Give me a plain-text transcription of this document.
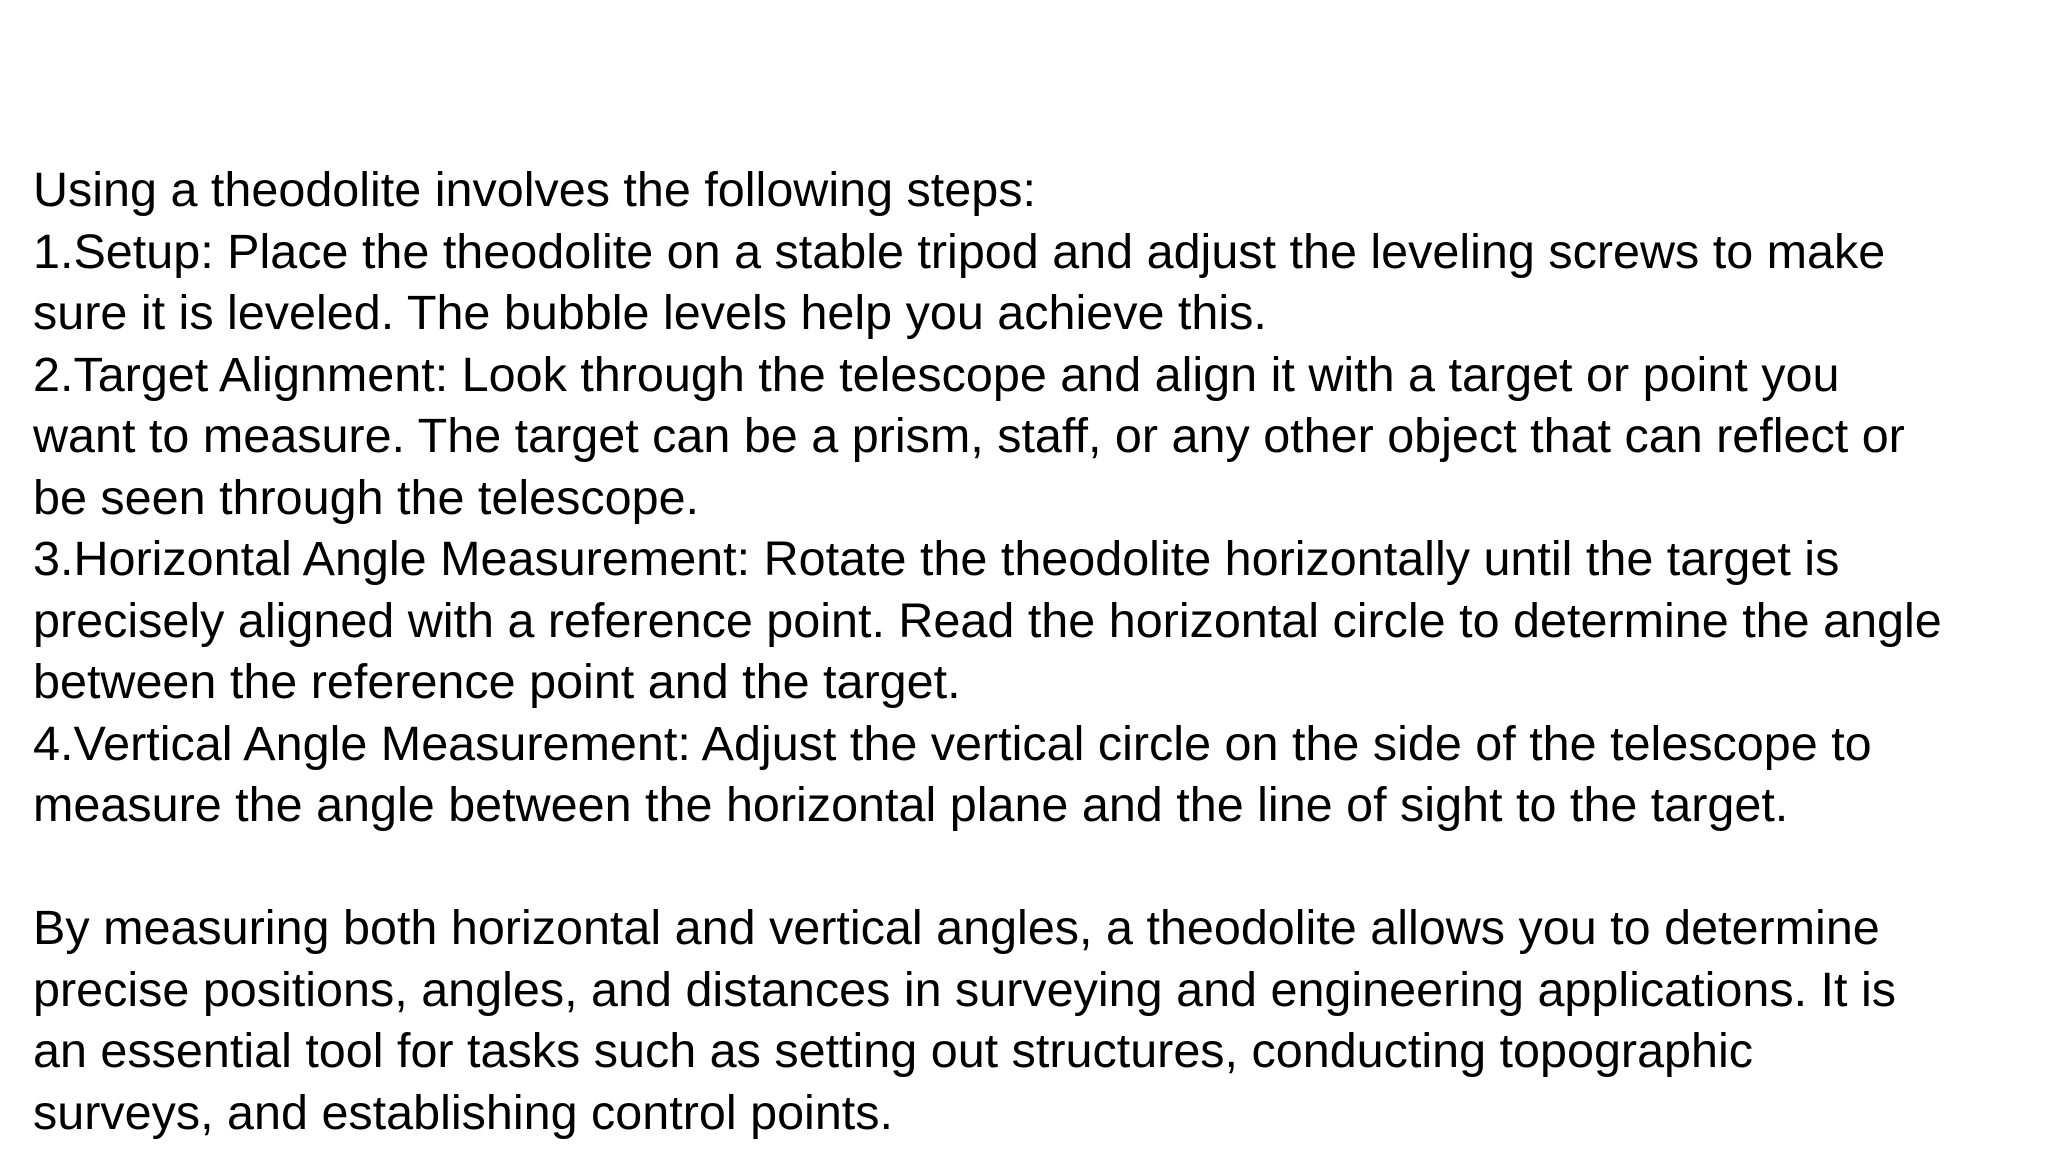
Using a theodolite involves the following steps:
1.Setup: Place the theodolite on a stable tripod and adjust the leveling screws to make
sure it is leveled. The bubble levels help you achieve this.
2.Target Alignment: Look through the telescope and align it with a target or point you
want to measure. The target can be a prism, staff, or any other object that can reflect or
be seen through the telescope.
3.Horizontal Angle Measurement: Rotate the theodolite horizontally until the target is
precisely aligned with a reference point. Read the horizontal circle to determine the angle
between the reference point and the target.
4.Vertical Angle Measurement: Adjust the vertical circle on the side of the telescope to
measure the angle between the horizontal plane and the line of sight to the target.
By measuring both horizontal and vertical angles, a theodolite allows you to determine
precise positions, angles, and distances in surveying and engineering applications. It is
an essential tool for tasks such as setting out structures, conducting topographic
surveys, and establishing control points.
